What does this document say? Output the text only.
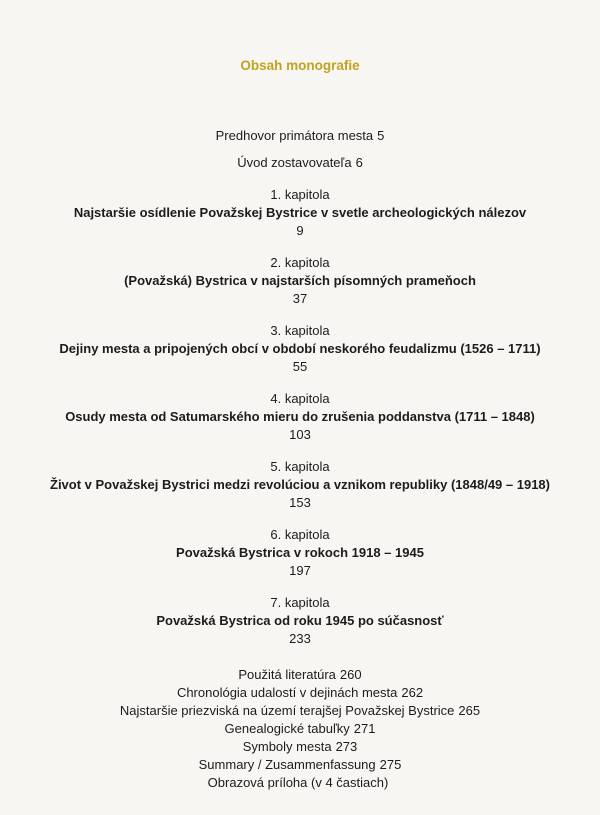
Obsah monografie
Predhovor primátora mesta 5
Úvod zostavovateľa 6
1. kapitola
Najstaršie osídlenie Považskej Bystrice v svetle archeologických nálezov
9
2. kapitola
(Považská) Bystrica v najstarších písomných prameňoch
37
3. kapitola
Dejiny mesta a pripojených obcí v období neskorého feudalizmu (1526 – 1711)
55
4. kapitola
Osudy mesta od Satumarského mieru do zrušenia poddanstva (1711 – 1848)
103
5. kapitola
Život v Považskej Bystrici medzi revolúciou a vznikom republiky (1848/49 – 1918)
153
6. kapitola
Považská Bystrica v rokoch 1918 – 1945
197
7. kapitola
Považská Bystrica od roku 1945 po súčasnosť
233
Použitá literatúra 260
Chronológia udalostí v dejinách mesta 262
Najstaršie priezviská na území terajšej Považskej Bystrice 265
Genealogické tabuľky 271
Symboly mesta 273
Summary / Zusammenfassung 275
Obrazová príloha (v 4 častiach)
